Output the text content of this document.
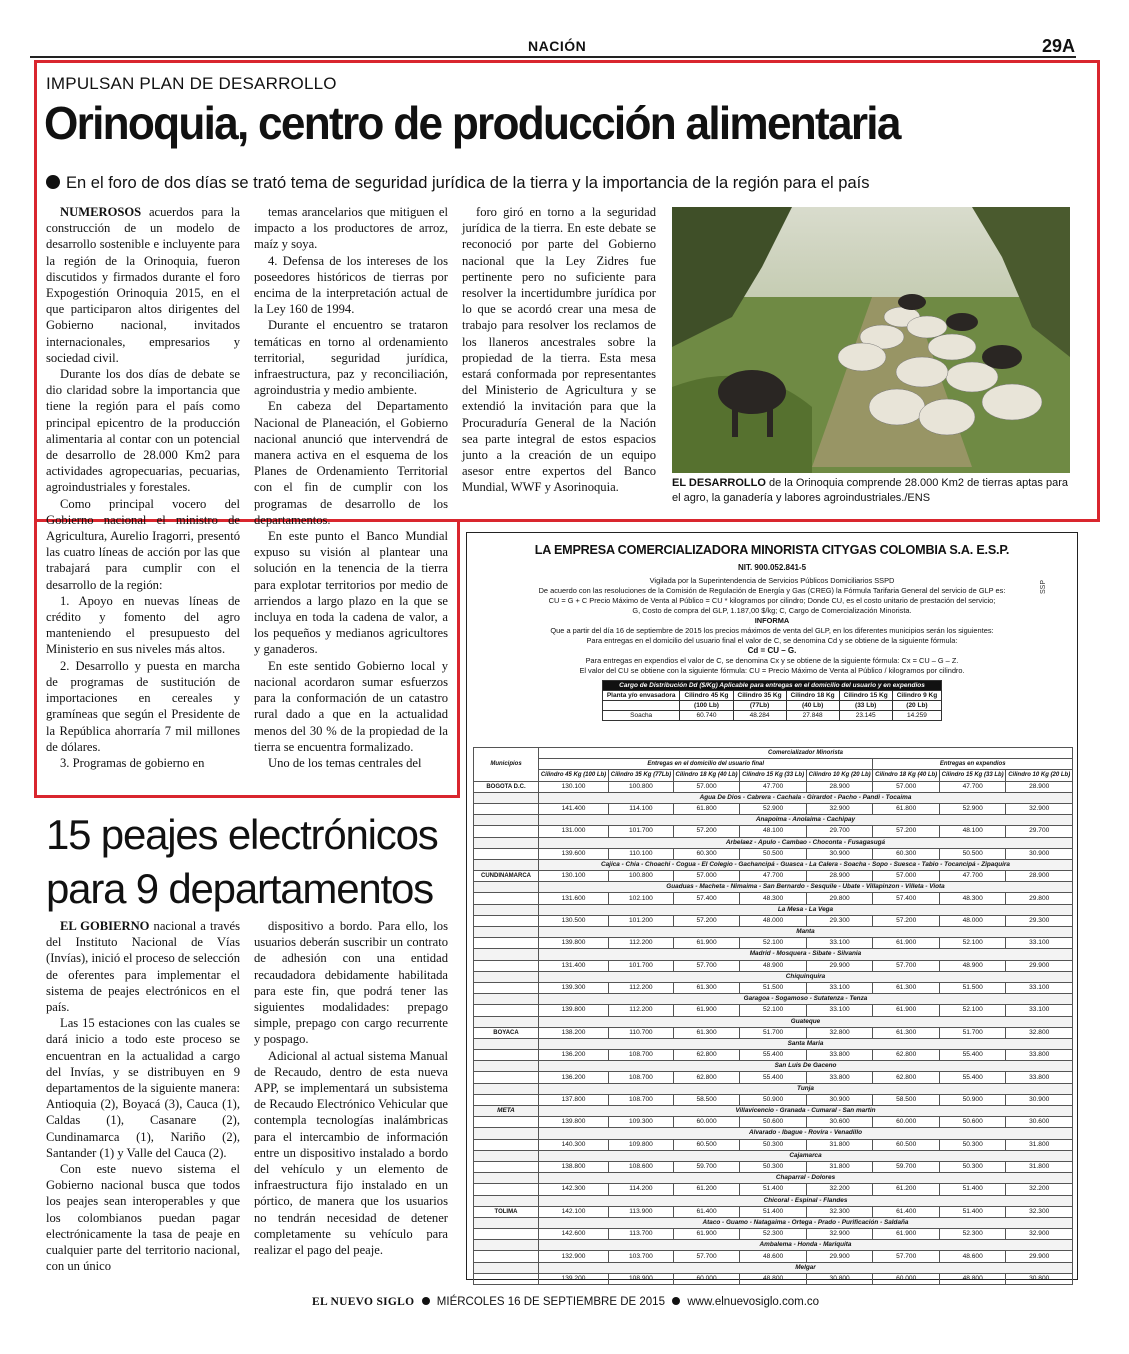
NACIÓN	29A
IMPULSAN PLAN DE DESARROLLO
Orinoquia, centro de producción alimentaria
En el foro de dos días se trató tema de seguridad jurídica de la tierra y la importancia de la región para el país

NUMEROSOS acuerdos para la construcción de un modelo de desarrollo sostenible e incluyente para la región de la Orinoquia, fueron discutidos y firmados durante el foro Expogestión Orinoquia 2015, en el que participaron altos dirigentes del Gobierno nacional, invitados internacionales, empresarios y sociedad civil.

Durante los dos días de debate se dio claridad sobre la importancia que tiene la región para el país como principal epicentro de la producción alimentaria al contar con un potencial de desarrollo de 28.000 Km2 para actividades agropecuarias, pecuarias, agroindustriales y forestales.

Como principal vocero del Gobierno nacional el ministro de Agricultura, Aurelio Iragorri, presentó las cuatro líneas de acción por las que trabajará para cumplir con el desarrollo de la región:

1. Apoyo en nuevas líneas de crédito y fomento del agro manteniendo el presupuesto del Ministerio en sus niveles más altos.

2. Desarrollo y puesta en marcha de programas de sustitución de importaciones en cereales y gramíneas que según el Presidente de la República ahorraría 7 mil millones de dólares.

3. Programas de gobierno en

temas arancelarios que mitiguen el impacto a los productores de arroz, maíz y soya.

4. Defensa de los intereses de los poseedores históricos de tierras por encima de la interpretación actual de la Ley 160 de 1994.

Durante el encuentro se trataron temáticas en torno al ordenamiento territorial, seguridad jurídica, infraestructura, paz y reconciliación, agroindustria y medio ambiente.

En cabeza del Departamento Nacional de Planeación, el Gobierno nacional anunció que intervendrá de manera activa en el esquema de los Planes de Ordenamiento Territorial con el fin de cumplir con los programas de desarrollo de los departamentos.

En este punto el Banco Mundial expuso su visión al plantear una solución en la tenencia de la tierra para explotar territorios por medio de arriendos a largo plazo en la que se incluya en toda la cadena de valor, a los pequeños y medianos agricultores y ganaderos.

En este sentido Gobierno local y nacional acordaron sumar esfuerzos para la conformación de un catastro rural dado a que en la actualidad menos del 30 % de la propiedad de la tierra se encuentra formalizado.

Uno de los temas centrales del

foro giró en torno a la seguridad jurídica de la tierra. En este debate se reconoció por parte del Gobierno nacional que la Ley Zidres fue pertinente pero no suficiente para resolver la incertidumbre jurídica por lo que se acordó crear una mesa de trabajo para resolver los reclamos de los llaneros ancestrales sobre la propiedad de la tierra. Esta mesa estará conformada por representantes del Ministerio de Agricultura y se extendió la invitación para que la Procuraduría General de la Nación sea parte integral de estos espacios junto a la creación de un equipo asesor entre expertos del Banco Mundial, WWF y Asorinoquia.	EL DESARROLLO de la Orinoquia comprende 28.000 Km2 de tierras aptas para el agro, la ganadería y labores agroindustriales./ENS
15 peajes electrónicos
para 9 departamentos

EL GOBIERNO nacional a través del Instituto Nacional de Vías (Invías), inició el proceso de selección de oferentes para implementar el sistema de peajes electrónicos en el país.

Las 15 estaciones con las cuales se dará inicio a todo este proceso se encuentran en la actualidad a cargo del Invías, y se distribuyen en 9 departamentos de la siguiente manera: Antioquia (2), Boyacá (3), Cauca (1), Caldas (1), Casanare (2), Cundinamarca (1), Nariño (2), Santander (1) y Valle del Cauca (2).

Con este nuevo sistema el Gobierno nacional busca que todos los peajes sean interoperables y que los colombianos puedan pagar electrónicamente la tasa de peaje en cualquier parte del territorio nacional, con un único

dispositivo a bordo. Para ello, los usuarios deberán suscribir un contrato de adhesión con una entidad recaudadora debidamente habilitada para este fin, que podrá tener las siguientes modalidades: prepago simple, prepago con cargo recurrente y pospago.

Adicional al actual sistema Manual de Recaudo, dentro de esta nueva APP, se implementará un subsistema de Recaudo Electrónico Vehicular que contempla tecnologías inalámbricas para el intercambio de información entre un dispositivo instalado a bordo del vehículo y un elemento de infraestructura fijo instalado en un pórtico, de manera que los usuarios no tendrán necesidad de detener completamente su vehículo para realizar el pago del peaje.

LA EMPRESA COMERCIALIZADORA MINORISTA CITYGAS COLOMBIA S.A. E.S.P.
NIT. 900.052.841-5
Vigilada por la Superintendencia de Servicios Públicos Domiciliarios SSPD
De acuerdo con las resoluciones de la Comisión de Regulación de Energía y Gas (CREG) la Fórmula Tarifaria General del servicio de GLP es:
CU = G + C Precio Máximo de Venta al Público = CU * kilogramos por cilindro; Donde CU, es el costo unitario de prestación del servicio;
G, Costo de compra del GLP, 1.187,00 $/kg; C, Cargo de Comercialización Minorista.
INFORMA
Que a partir del día 16 de septiembre de 2015 los precios máximos de venta del GLP, en los diferentes municipios serán los siguientes:
Para entregas en el domicilio del usuario final el valor de C, se denomina Cd y se obtiene de la siguiente fórmula:
Cd = CU – G.
Para entregas en expendios el valor de C, se denomina Cx y se obtiene de la siguiente fórmula: Cx = CU – G – Z.
El valor del CU se obtiene con la siguiente fórmula: CU = Precio Máximo de Venta al Público / kilogramos por cilindro.
Cargo de Distribución Dd ($/Kg) Aplicable para entregas en el domicilio del usuario y en expendios					
Planta y/o envasadora	Cilindro 45 Kg	Cilindro 35 Kg	Cilindro 18 Kg	Cilindro 15 Kg	Cilindro 9 Kg
	(100 Lb)	(77Lb)	(40 Lb)	(33 Lb)	(20 Lb)
Soacha	60.740	48.284	27.848	23.145	14.259
Municipios	Comercializador Minorista							
	Entregas en el domicilio del usuario final					Entregas en expendios		
	Cilindro 45 Kg (100 Lb)	Cilindro 35 Kg (77Lb)	Cilindro 18 Kg (40 Lb)	Cilindro 15 Kg (33 Lb)	Cilindro 10 Kg (20 Lb)	Cilindro 18 Kg (40 Lb)	Cilindro 15 Kg (33 Lb)	Cilindro 10 Kg (20 Lb)
BOGOTA D.C.	130.100	100.800	57.000	47.700	28.900	57.000	47.700	28.900
	Agua De Dios - Cabrera - Cachala - Girardot - Pacho - Pandi - Tocaima							
	141.400	114.100	61.800	52.900	32.900	61.800	52.900	32.900
	Anapoima - Anolaima - Cachipay							
	131.000	101.700	57.200	48.100	29.700	57.200	48.100	29.700
	Arbelaez - Apulo - Cambao - Choconta - Fusagasugá							
	139.600	110.100	60.300	50.500	30.900	60.300	50.500	30.900
	Cajica - Chia - Choachi - Cogua - El Colegio - Gachancipá - Guasca - La Calera - Soacha - Sopo - Suesca - Tabio - Tocancipá - Zipaquira							
CUNDINAMARCA	130.100	100.800	57.000	47.700	28.900	57.000	47.700	28.900
	Guaduas - Macheta - Nimaima - San Bernardo - Sesquile - Ubate - Villapinzon - Villeta - Viota							
	131.600	102.100	57.400	48.300	29.800	57.400	48.300	29.800
	La Mesa - La Vega							
	130.500	101.200	57.200	48.000	29.300	57.200	48.000	29.300
	Manta							
	139.800	112.200	61.900	52.100	33.100	61.900	52.100	33.100
	Madrid - Mosquera - Sibate - Silvania							
	131.400	101.700	57.700	48.900	29.900	57.700	48.900	29.900
	Chiquinquira							
	139.300	112.200	61.300	51.500	33.100	61.300	51.500	33.100
	Garagoa - Sogamoso - Sutatenza - Tenza							
	139.800	112.200	61.900	52.100	33.100	61.900	52.100	33.100
	Guateque							
BOYACA	138.200	110.700	61.300	51.700	32.800	61.300	51.700	32.800
	Santa Maria							
	136.200	108.700	62.800	55.400	33.800	62.800	55.400	33.800
	San Luis De Gaceno							
	136.200	108.700	62.800	55.400	33.800	62.800	55.400	33.800
	Tunja							
	137.800	108.700	58.500	50.900	30.900	58.500	50.900	30.900
META	Villavicencio - Granada - Cumaral - San martin							
	139.800	109.300	60.000	50.600	30.600	60.000	50.600	30.600
	Alvarado - Ibague - Rovira - Venadillo							
	140.300	109.800	60.500	50.300	31.800	60.500	50.300	31.800
	Cajamarca							
	138.800	108.600	59.700	50.300	31.800	59.700	50.300	31.800
	Chaparral - Dolores							
	142.300	114.200	61.200	51.400	32.200	61.200	51.400	32.200
	Chicoral - Espinal - Flandes							
TOLIMA	142.100	113.900	61.400	51.400	32.300	61.400	51.400	32.300
	Ataco - Guamo - Natagaima - Ortega - Prado - Purificación - Saldaña							
	142.600	113.700	61.900	52.300	32.900	61.900	52.300	32.900
	Ambalema - Honda - Mariquita							
	132.900	103.700	57.700	48.600	29.900	57.700	48.600	29.900
	Melgar							
	139.200	108.900	60.000	48.800	30.800	60.000	48.800	30.800
SSP
EL NUEVO SIGLO MIÉRCOLES 16 DE SEPTIEMBRE DE 2015 www.elnuevosiglo.com.co
